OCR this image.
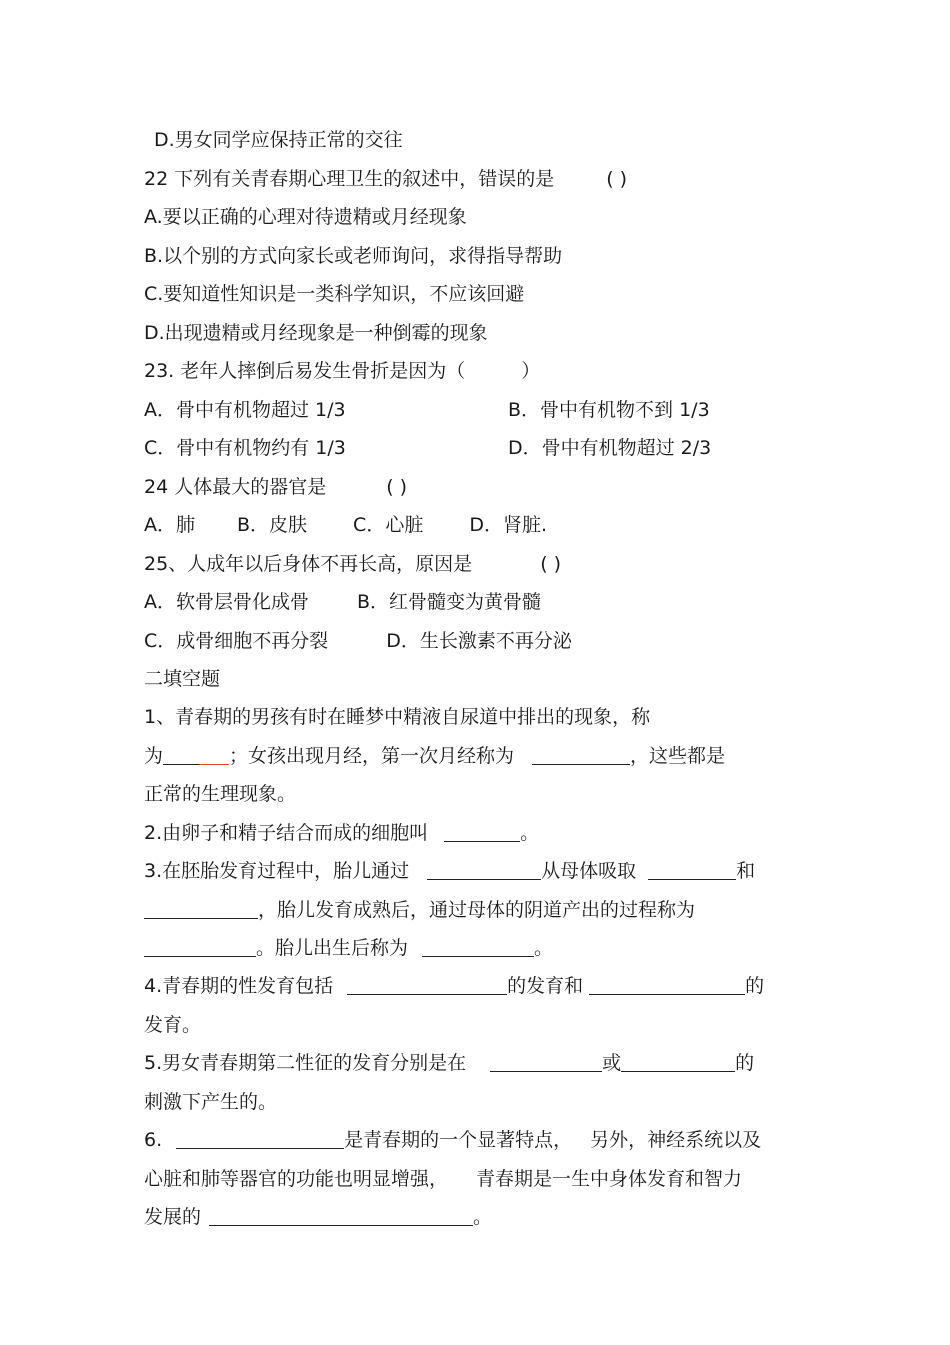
D.男女同学应保持正常的交往
22 下列有关青春期心理卫生的叙述中，错误的是	( )
A.要以正确的心理对待遗精或月经现象
B.以个别的方式向家长或老师询问，求得指导帮助
C.要知道性知识是一类科学知识，不应该回避
D.出现遗精或月经现象是一种倒霉的现象
23. 老年人摔倒后易发生骨折是因为（	）
A．骨中有机物超过 1/3	B．骨中有机物不到 1/3
C．骨中有机物约有 1/3	D．骨中有机物超过 2/3
24 人体最大的器官是	( )
A．肺 B．皮肤 C．心脏 D．肾脏.
25、人成年以后身体不再长高，原因是	( )
A．软骨层骨化成骨	B．红骨髓变为黄骨髓
C．成骨细胞不再分裂	D．生长激素不再分泌
二填空题
1、青春期的男孩有时在睡梦中精液自尿道中排出的现象，称
为	；女孩出现月经，第一次月经称为	，这些都是
正常的生理现象。
2.由卵子和精子结合而成的细胞叫	。
3.在胚胎发育过程中，胎儿通过	从母体吸取	和
，胎儿发育成熟后，通过母体的阴道产出的过程称为
。胎儿出生后称为	。
4.青春期的性发育包括	的发育和	的
发育。
5.男女青春期第二性征的发育分别是在	或	的
刺激下产生的。
6.	是青春期的一个显著特点， 另外，神经系统以及
心脏和肺等器官的功能也明显增强， 青春期是一生中身体发育和智力
发展的	。
